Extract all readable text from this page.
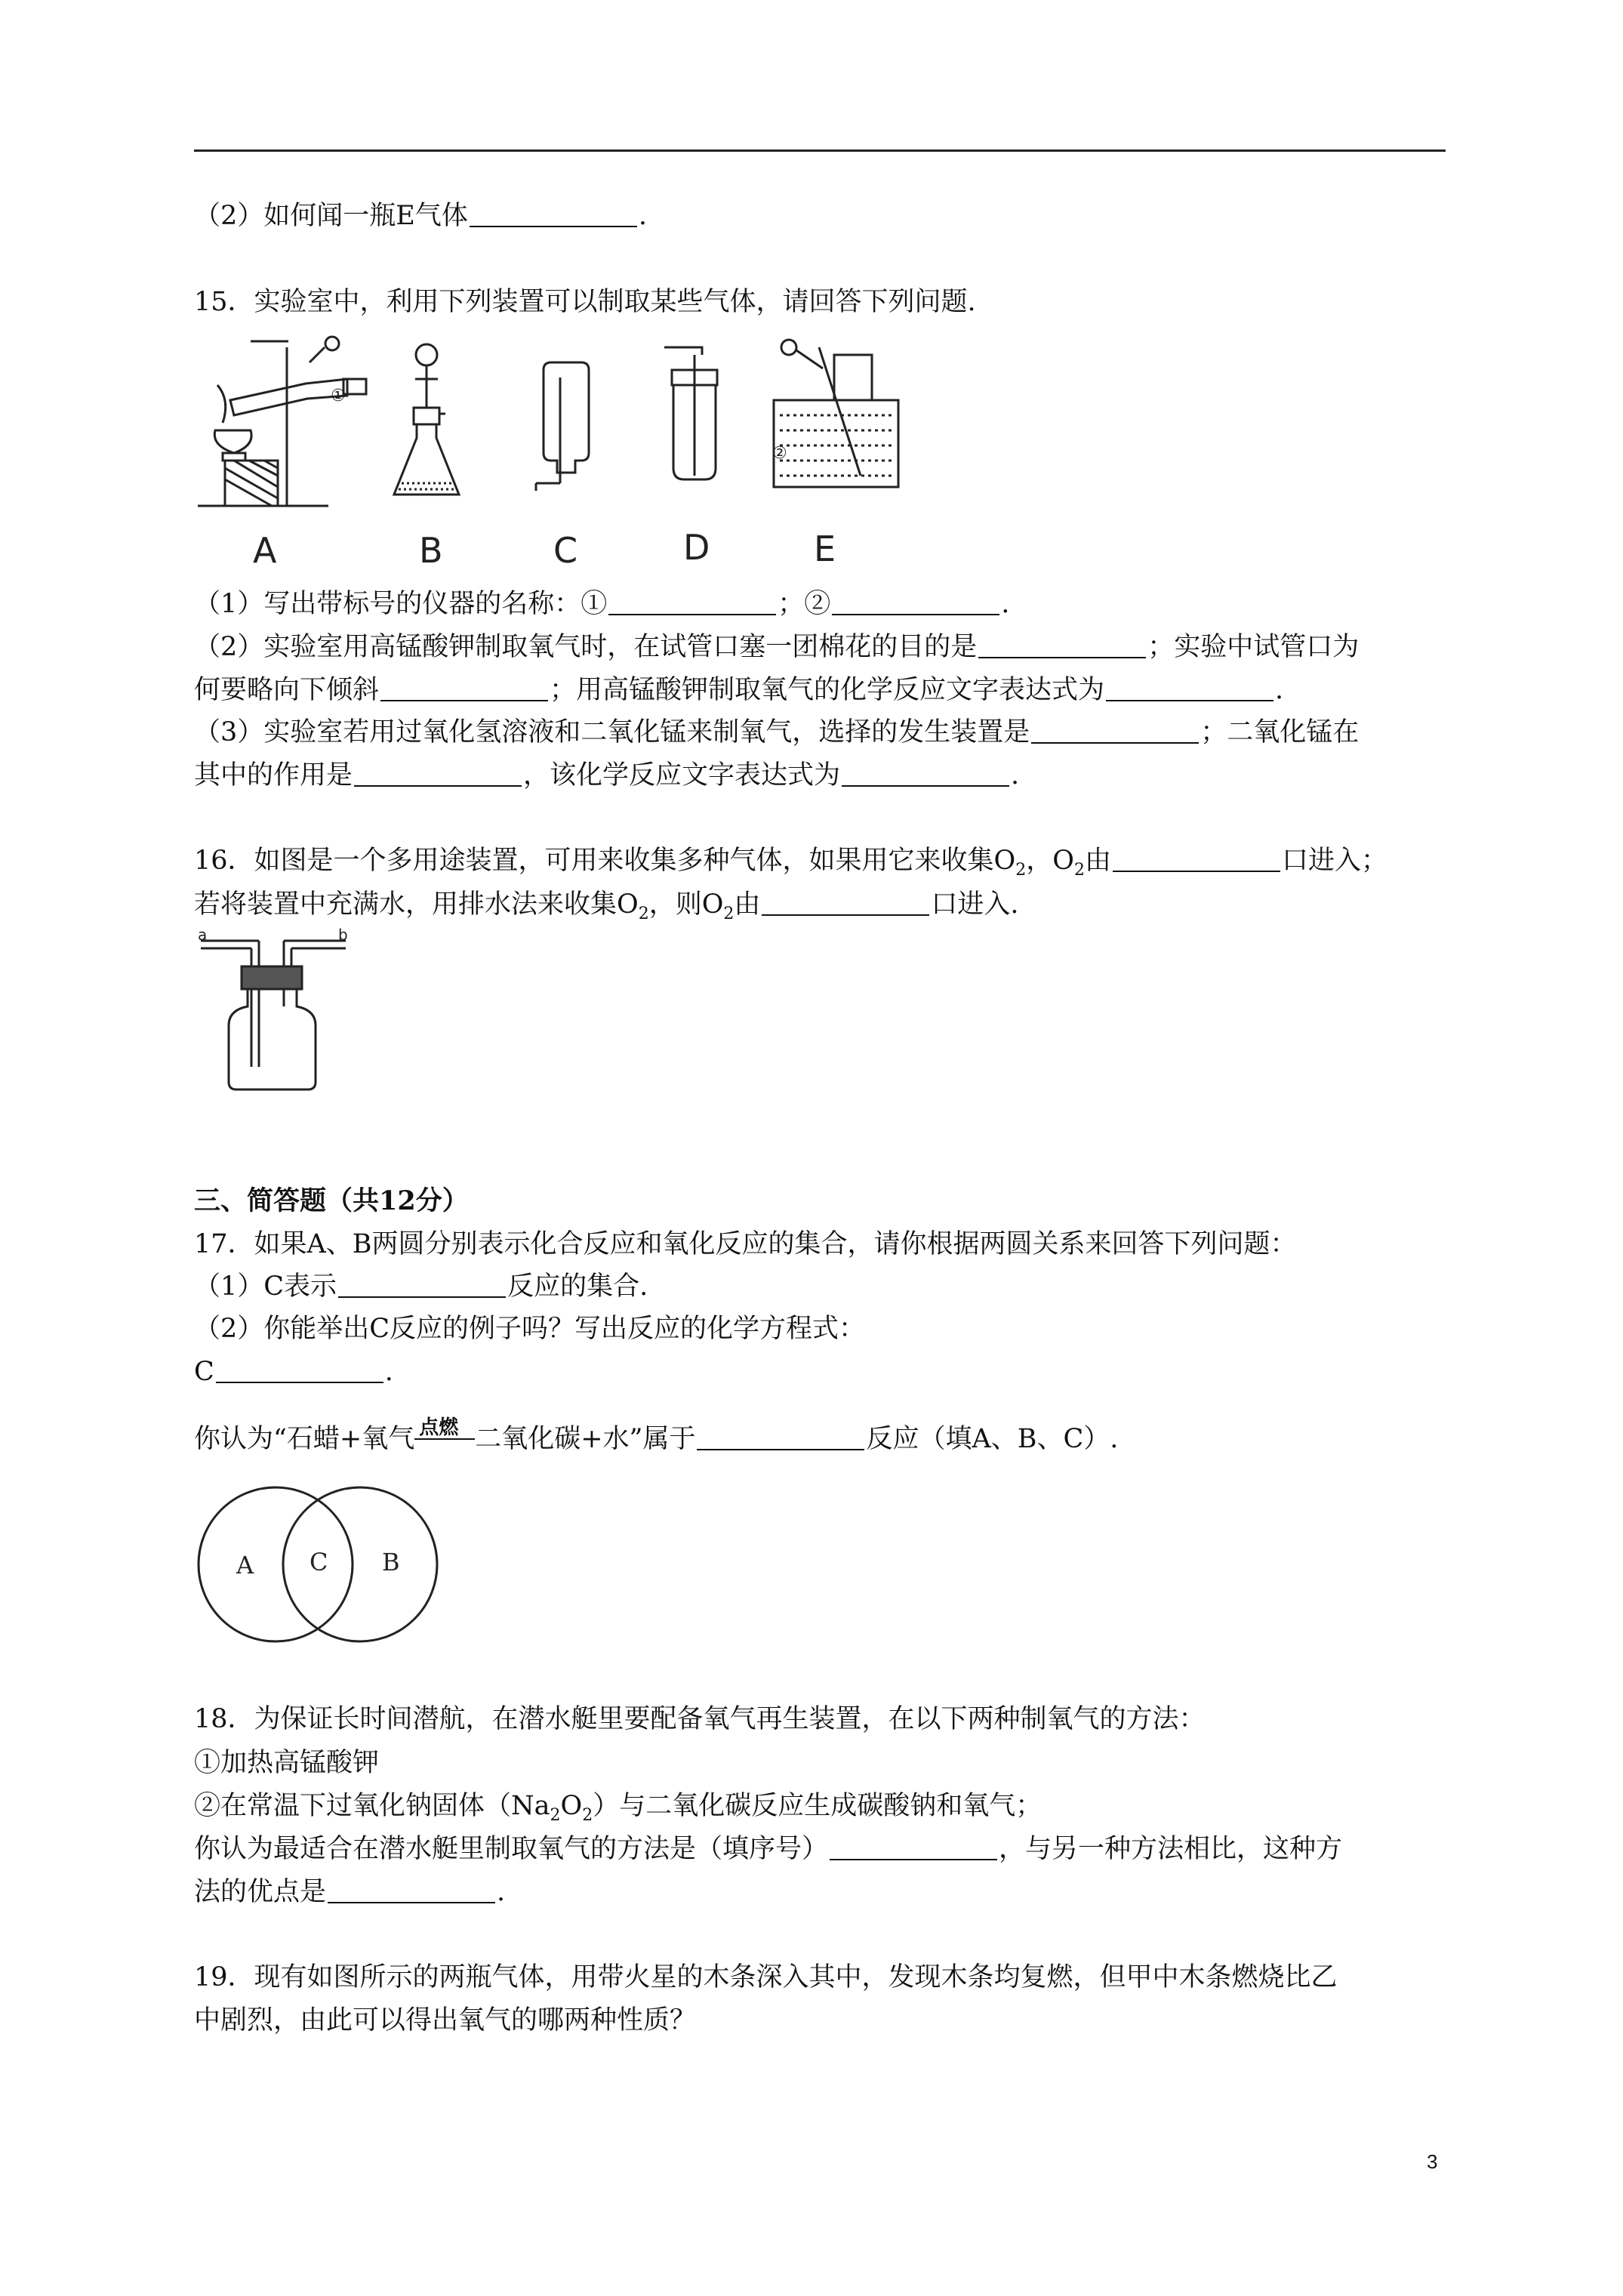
（2）如何闻一瓶E气体	.
15．实验室中，利用下列装置可以制取某些气体，请回答下列问题.
①
②
A	B	C	D	E
（1）写出带标号的仪器的名称：①	；②	.
（2）实验室用高锰酸钾制取氧气时，在试管口塞一团棉花的目的是	；实验中试管口为
何要略向下倾斜	；用高锰酸钾制取氧气的化学反应文字表达式为	.
（3）实验室若用过氧化氢溶液和二氧化锰来制氧气，选择的发生装置是	；二氧化锰在
其中的作用是	，该化学反应文字表达式为	.
16．如图是一个多用途装置，可用来收集多种气体，如果用它来收集$O_2$，$O_2$由	口进入；
若将装置中充满水，用排水法来收集$O_2$，则$O_2$由	口进入.
a	b
三、简答题（共12分）
17．如果A、B两圆分别表示化合反应和氧化反应的集合，请你根据两圆关系来回答下列问题：
（1）C表示	反应的集合.
（2）你能举出C反应的例子吗？写出反应的化学方程式：
C	.
你认为“石蜡+氧气 点燃 二氧化碳+水”属于	反应（填A、B、C）.
A C B
18．为保证长时间潜航，在潜水艇里要配备氧气再生装置，在以下两种制氧气的方法：
①加热高锰酸钾
②在常温下过氧化钠固体$(Na_2O_2)$与二氧化碳反应生成碳酸钠和氧气；
你认为最适合在潜水艇里制取氧气的方法是（填序号）	，与另一种方法相比，这种方
法的优点是	.
19．现有如图所示的两瓶气体，用带火星的木条深入其中，发现木条均复燃，但甲中木条燃烧比乙
中剧烈，由此可以得出氧气的哪两种性质？
3
